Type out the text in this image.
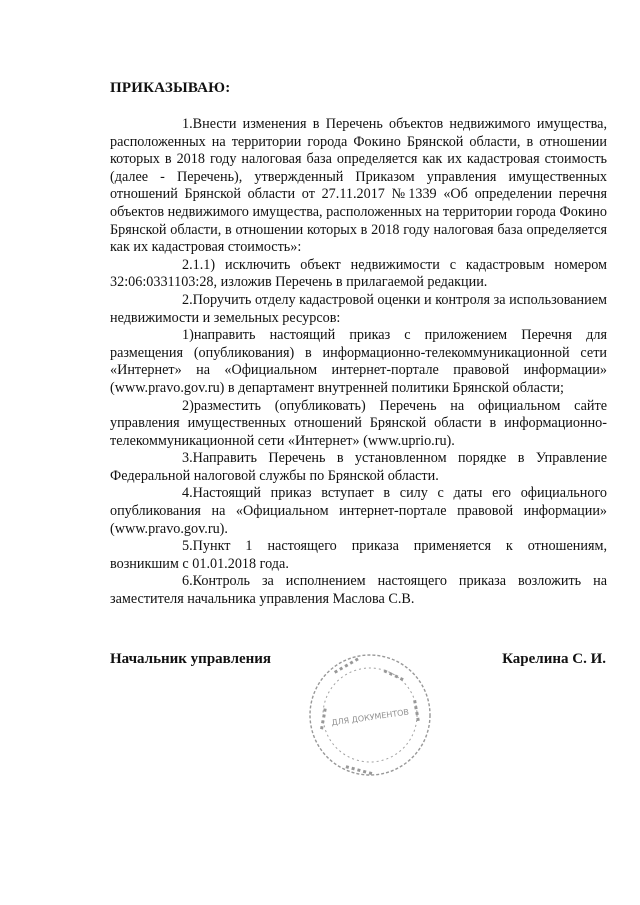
ПРИКАЗЫВАЮ:

1.Внести изменения в Перечень объектов недвижимого имущества, расположенных на территории города Фокино Брянской области, в отношении которых в 2018 году налоговая база определяется как их кадастровая стоимость (далее - Перечень), утвержденный Приказом управления имущественных отношений Брянской области от 27.11.2017 №1339 «Об определении перечня объектов недвижимого имущества, расположенных на территории города Фокино Брянской области, в отношении которых в 2018 году налоговая база определяется как их кадастровая стоимость»:

2.1.1) исключить объект недвижимости с кадастровым номером 32:06:0331103:28, изложив Перечень в прилагаемой редакции.

2.Поручить отделу кадастровой оценки и контроля за использованием недвижимости и земельных ресурсов:

1)направить настоящий приказ с приложением Перечня для размещения (опубликования) в информационно-телекоммуникационной сети «Интернет» на «Официальном интернет-портале правовой информации» (www.pravo.gov.ru) в департамент внутренней политики Брянской области;

2)разместить (опубликовать) Перечень на официальном сайте управления имущественных отношений Брянской области в информационно-телекоммуникационной сети «Интернет» (www.uprio.ru).

3.Направить Перечень в установленном порядке в Управление Федеральной налоговой службы по Брянской области.

4.Настоящий приказ вступает в силу с даты его официального опубликования на «Официальном интернет-портале правовой информации» (www.pravo.gov.ru).

5.Пункт 1 настоящего приказа применяется к отношениям, возникшим с 01.01.2018 года.

6.Контроль за исполнением настоящего приказа возложить на заместителя начальника управления Маслова С.В.

Начальник управления	Карелина С. И.
▪ ▪ ▪ ▪ ▪	▪ ▪ ▪ ▪
▪ ▪ ▪ ▪	▪ ▪ ▪ ▪
▪ ▪ ▪ ▪ ▪
ДЛЯ ДОКУМЕНТОВ
